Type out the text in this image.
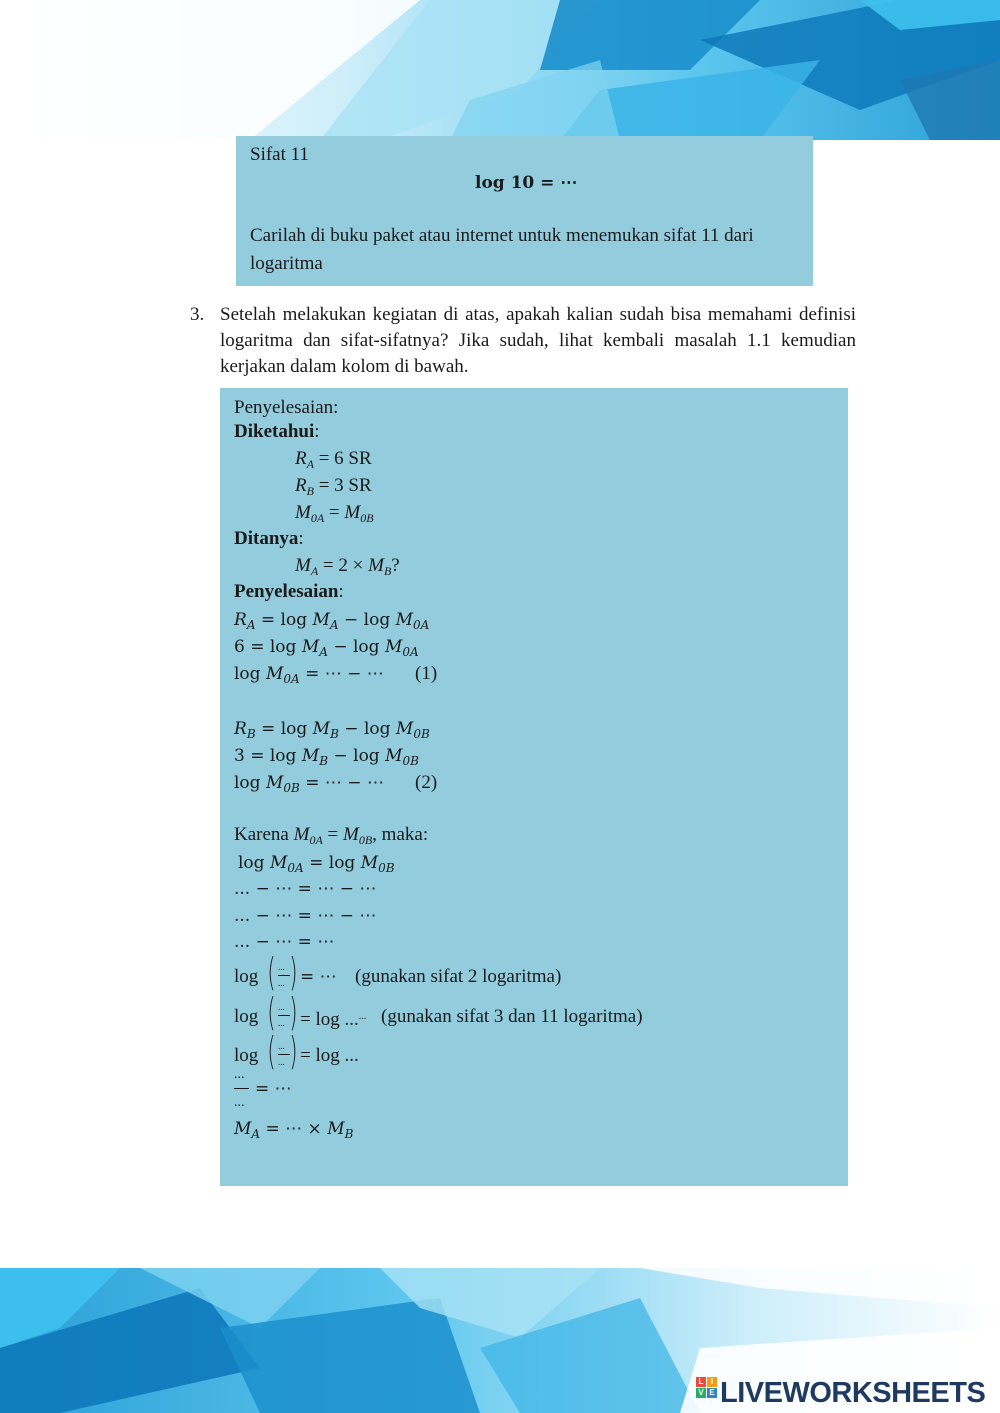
Sifat 11
log 10 = ⋯
Carilah di buku paket atau internet untuk menemukan sifat 11 dari
logaritma
3. Setelah melakukan kegiatan di atas, apakah kalian sudah bisa memahami definisi logaritma dan sifat-sifatnya? Jika sudah, lihat kembali masalah 1.1 kemudian kerjakan dalam kolom di bawah.
Penyelesaian:
Diketahui:
$R_A = 6$ SR
$R_B = 3$ SR
$M_{0A} = M_{0B}$
Ditanya:
$M_A = 2 \times M_B$?
Penyelesaian:
$R_A = \log M_A - \log M_{0A}$
$6 = \log M_A - \log M_{0A}$
$\log M_{0A}$ = ⋯ − ⋯ (1)
$R_B = \log M_B - \log M_{0B}$
$3 = \log M_B - \log M_{0B}$
$\log M_{0B}$ = ⋯ − ⋯ (2)
Karena $M_{0A} = M_{0B}$, maka:
$\log M_{0A} = \log M_{0B}$
... − ⋯ = ⋯ − ⋯
... − ⋯ = ⋯ − ⋯
... − ⋯ = ⋯
log ( ...
... ) = ⋯ (gunakan sifat 2 logaritma)
log ( ...
... ) = log ...... (gunakan sifat 3 dan 11 logaritma)
log ( ...
... ) = log ...
...
...
= ⋯
$M_A$ = ⋯ × $M_B$
L I
V E LIVEWORKSHEETS
